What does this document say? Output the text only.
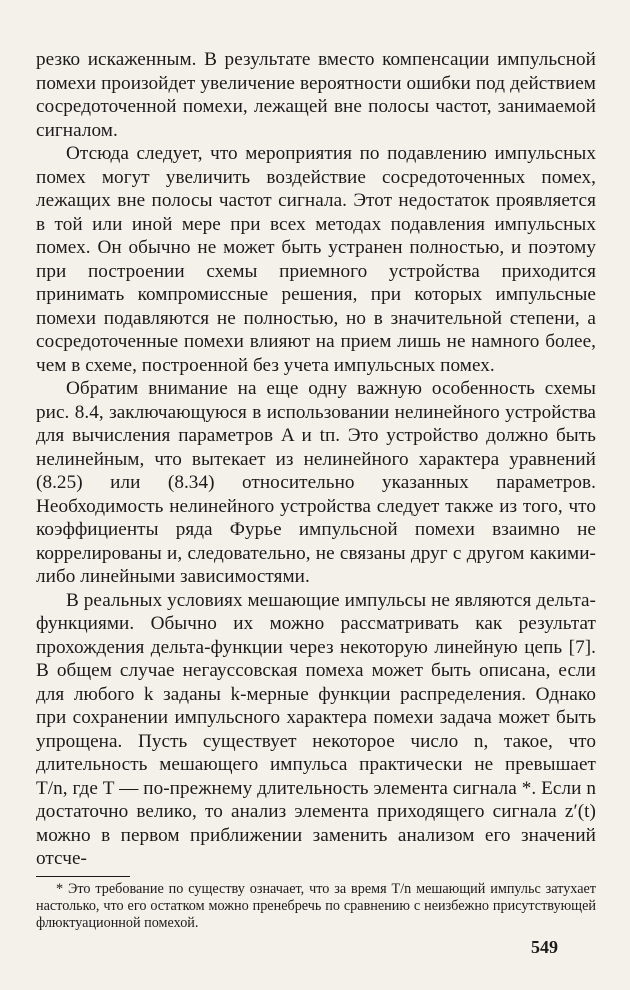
резко искаженным. В результате вместо компенсации импульсной помехи произойдет увеличение вероятности ошибки под действием сосредоточенной помехи, лежащей вне полосы частот, занимаемой сигналом.

Отсюда следует, что мероприятия по подавлению импульсных помех могут увеличить воздействие сосредоточенных помех, лежащих вне полосы частот сигнала. Этот недостаток проявляется в той или иной мере при всех методах подавления импульсных помех. Он обычно не может быть устранен полностью, и поэтому при построении схемы приемного устройства приходится принимать компромиссные решения, при которых импульсные помехи подавляются не полностью, но в значительной степени, а сосредоточенные помехи влияют на прием лишь не намного более, чем в схеме, построенной без учета импульсных помех.

Обратим внимание на еще одну важную особенность схемы рис. 8.4, заключающуюся в использовании нелинейного устройства для вычисления параметров A и tп. Это устройство должно быть нелинейным, что вытекает из нелинейного характера уравнений (8.25) или (8.34) относительно указанных параметров. Необходимость нелинейного устройства следует также из того, что коэффициенты ряда Фурье импульсной помехи взаимно не коррелированы и, следовательно, не связаны друг с другом какими-либо линейными зависимостями.

В реальных условиях мешающие импульсы не являются дельта-функциями. Обычно их можно рассматривать как результат прохождения дельта-функции через некоторую линейную цепь [7]. В общем случае негауссовская помеха может быть описана, если для любого k заданы k-мерные функции распределения. Однако при сохранении импульсного характера помехи задача может быть упрощена. Пусть существует некоторое число n, такое, что длительность мешающего импульса практически не превышает T/n, где T — по-прежнему длительность элемента сигнала *. Если n достаточно велико, то анализ элемента приходящего сигнала z′(t) можно в первом приближении заменить анализом его значений отсче-

* Это требование по существу означает, что за время T/n мешающий импульс затухает настолько, что его остатком можно пренебречь по сравнению с неизбежно присутствующей флюктуационной помехой.

549
